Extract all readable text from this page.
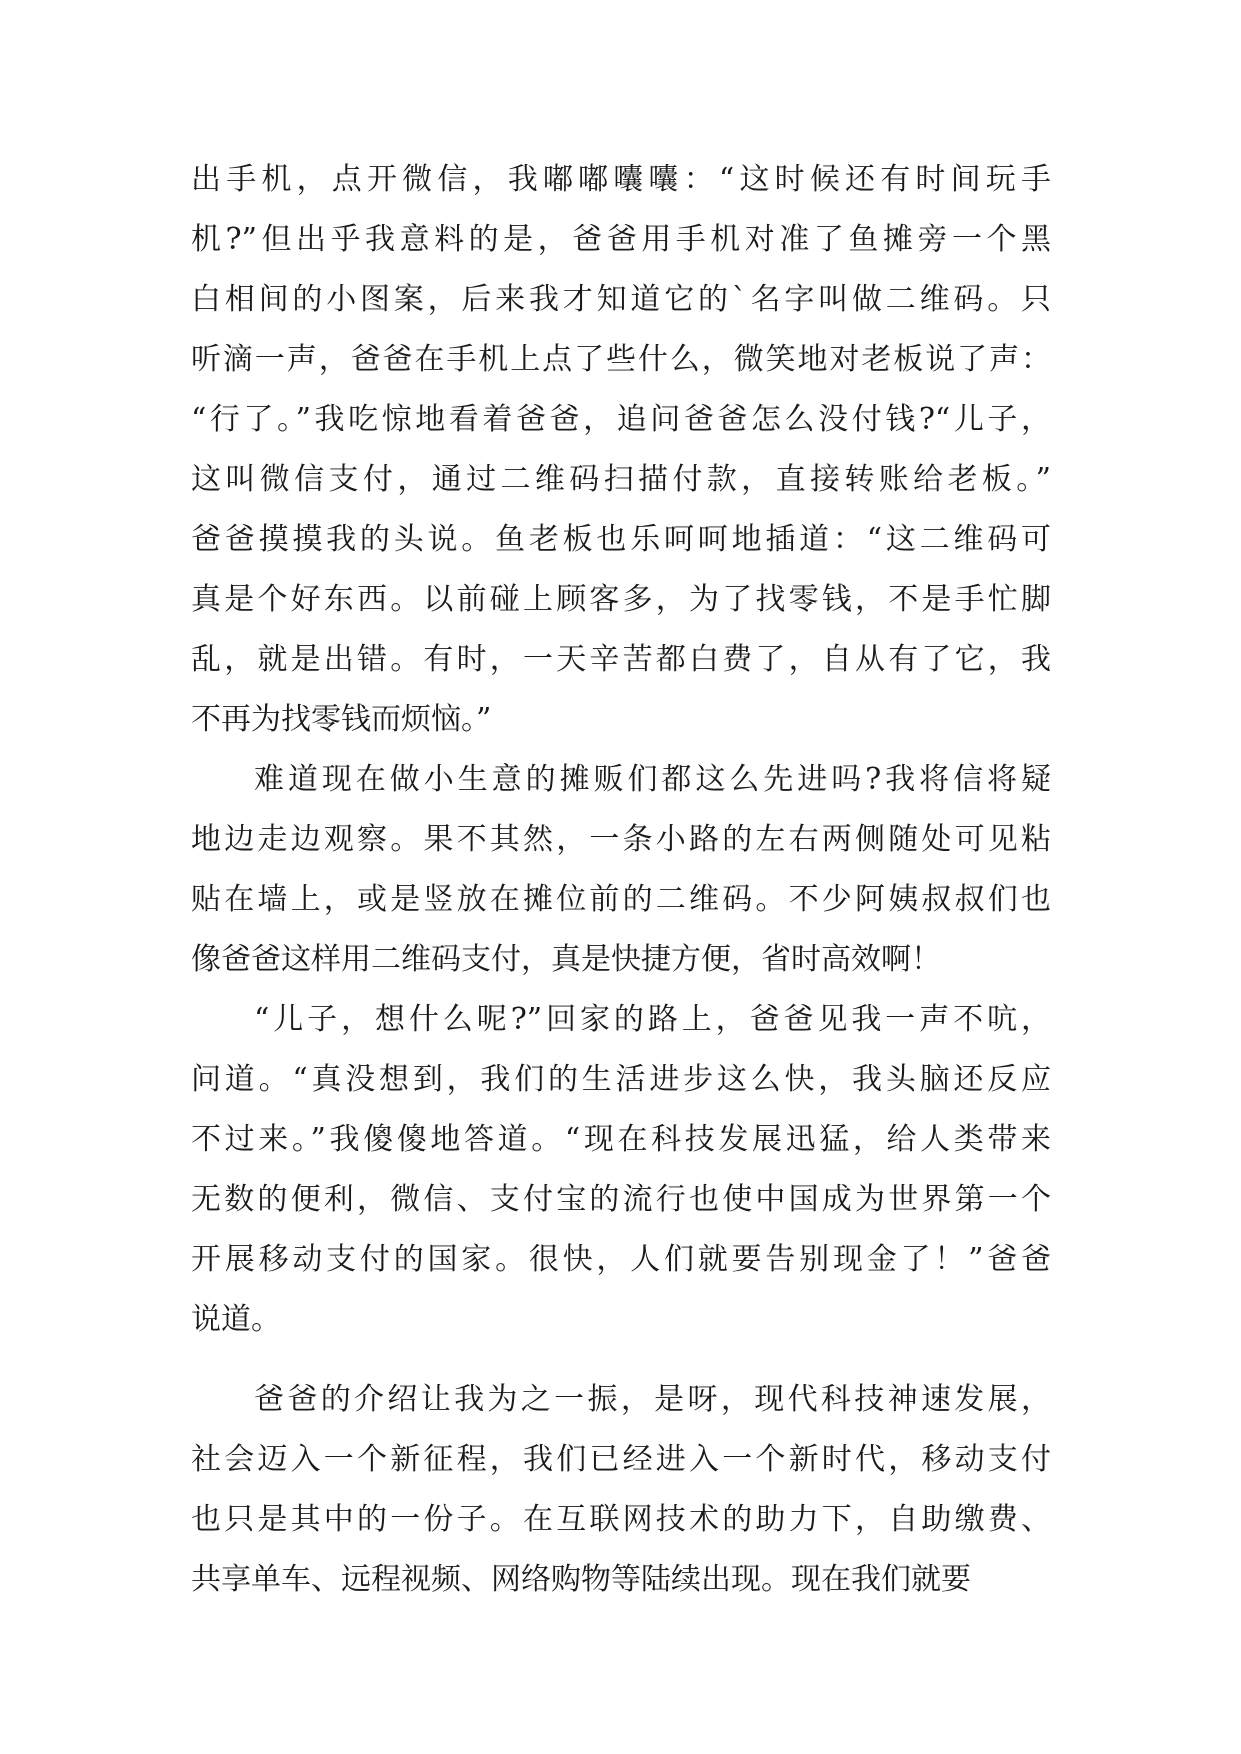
出手机，点开微信，我嘟嘟囔囔：“这时候还有时间玩手
机?”但出乎我意料的是，爸爸用手机对准了鱼摊旁一个黑
白相间的小图案，后来我才知道它的`名字叫做二维码。只
听滴一声，爸爸在手机上点了些什么，微笑地对老板说了声：
“行了。”我吃惊地看着爸爸，追问爸爸怎么没付钱?“儿子，
这叫微信支付，通过二维码扫描付款，直接转账给老板。”
爸爸摸摸我的头说。鱼老板也乐呵呵地插道：“这二维码可
真是个好东西。以前碰上顾客多，为了找零钱，不是手忙脚
乱，就是出错。有时，一天辛苦都白费了，自从有了它，我
不再为找零钱而烦恼。”
难道现在做小生意的摊贩们都这么先进吗?我将信将疑
地边走边观察。果不其然，一条小路的左右两侧随处可见粘
贴在墙上，或是竖放在摊位前的二维码。不少阿姨叔叔们也
像爸爸这样用二维码支付，真是快捷方便，省时高效啊！
“儿子，想什么呢?”回家的路上，爸爸见我一声不吭，
问道。“真没想到，我们的生活进步这么快，我头脑还反应
不过来。”我傻傻地答道。“现在科技发展迅猛，给人类带来
无数的便利，微信、支付宝的流行也使中国成为世界第一个
开展移动支付的国家。很快，人们就要告别现金了！”爸爸
说道。
爸爸的介绍让我为之一振，是呀，现代科技神速发展，
社会迈入一个新征程，我们已经进入一个新时代，移动支付
也只是其中的一份子。在互联网技术的助力下，自助缴费、
共享单车、远程视频、网络购物等陆续出现。现在我们就要
